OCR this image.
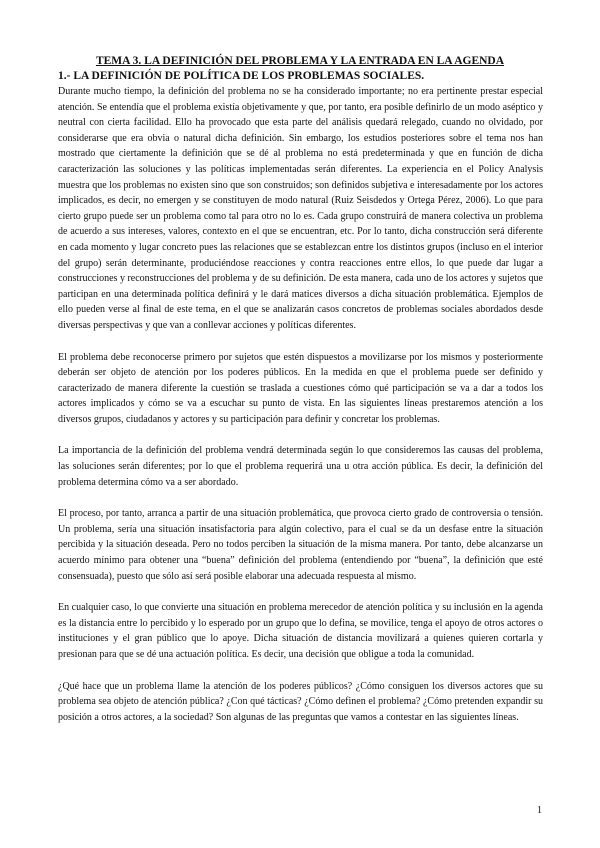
TEMA 3. LA DEFINICIÓN DEL PROBLEMA Y LA ENTRADA EN LA AGENDA
1.- LA DEFINICIÓN DE POLÍTICA DE LOS PROBLEMAS SOCIALES.

Durante mucho tiempo, la definición del problema no se ha considerado importante; no era pertinente prestar especial atención. Se entendía que el problema existía objetivamente y que, por tanto, era posible definirlo de un modo aséptico y neutral con cierta facilidad. Ello ha provocado que esta parte del análisis quedará relegado, cuando no olvidado, por considerarse que era obvia o natural dicha definición. Sin embargo, los estudios posteriores sobre el tema nos han mostrado que ciertamente la definición que se dé al problema no está predeterminada y que en función de dicha caracterización las soluciones y las políticas implementadas serán diferentes. La experiencia en el Policy Analysis muestra que los problemas no existen sino que son construidos; son definidos subjetiva e interesadamente por los actores implicados, es decir, no emergen y se constituyen de modo natural (Ruiz Seisdedos y Ortega Pérez, 2006). Lo que para cierto grupo puede ser un problema como tal para otro no lo es. Cada grupo construirá de manera colectiva un problema de acuerdo a sus intereses, valores, contexto en el que se encuentran, etc. Por lo tanto, dicha construcción será diferente en cada momento y lugar concreto pues las relaciones que se establezcan entre los distintos grupos (incluso en el interior del grupo) serán determinante, produciéndose reacciones y contra reacciones entre ellos, lo que puede dar lugar a construcciones y reconstrucciones del problema y de su definición. De esta manera, cada uno de los actores y sujetos que participan en una determinada política definirá y le dará matices diversos a dicha situación problemática. Ejemplos de ello pueden verse al final de este tema, en el que se analizarán casos concretos de problemas sociales abordados desde diversas perspectivas y que van a conllevar acciones y políticas diferentes.

El problema debe reconocerse primero por sujetos que estén dispuestos a movilizarse por los mismos y posteriormente deberán ser objeto de atención por los poderes públicos. En la medida en que el problema puede ser definido y caracterizado de manera diferente la cuestión se traslada a cuestiones cómo qué participación se va a dar a todos los actores implicados y cómo se va a escuchar su punto de vista. En las siguientes líneas prestaremos atención a los diversos grupos, ciudadanos y actores y su participación para definir y concretar los problemas.

La importancia de la definición del problema vendrá determinada según lo que consideremos las causas del problema, las soluciones serán diferentes; por lo que el problema requerirá una u otra acción pública. Es decir, la definición del problema determina cómo va a ser abordado.

El proceso, por tanto, arranca a partir de una situación problemática, que provoca cierto grado de controversia o tensión. Un problema, sería una situación insatisfactoria para algún colectivo, para el cual se da un desfase entre la situación percibida y la situación deseada. Pero no todos perciben la situación de la misma manera. Por tanto, debe alcanzarse un acuerdo mínimo para obtener una “buena” definición del problema (entendiendo por “buena”, la definición que esté consensuada), puesto que sólo así será posible elaborar una adecuada respuesta al mismo.

En cualquier caso, lo que convierte una situación en problema merecedor de atención política y su inclusión en la agenda es la distancia entre lo percibido y lo esperado por un grupo que lo defina, se movilice, tenga el apoyo de otros actores o instituciones y el gran público que lo apoye. Dicha situación de distancia movilizará a quienes quieren cortarla y presionan para que se dé una actuación política. Es decir, una decisión que obligue a toda la comunidad.

¿Qué hace que un problema llame la atención de los poderes públicos? ¿Cómo consiguen los diversos actores que su problema sea objeto de atención pública? ¿Con qué tácticas? ¿Cómo definen el problema? ¿Cómo pretenden expandir su posición a otros actores, a la sociedad? Son algunas de las preguntas que vamos a contestar en las siguientes líneas.

1
